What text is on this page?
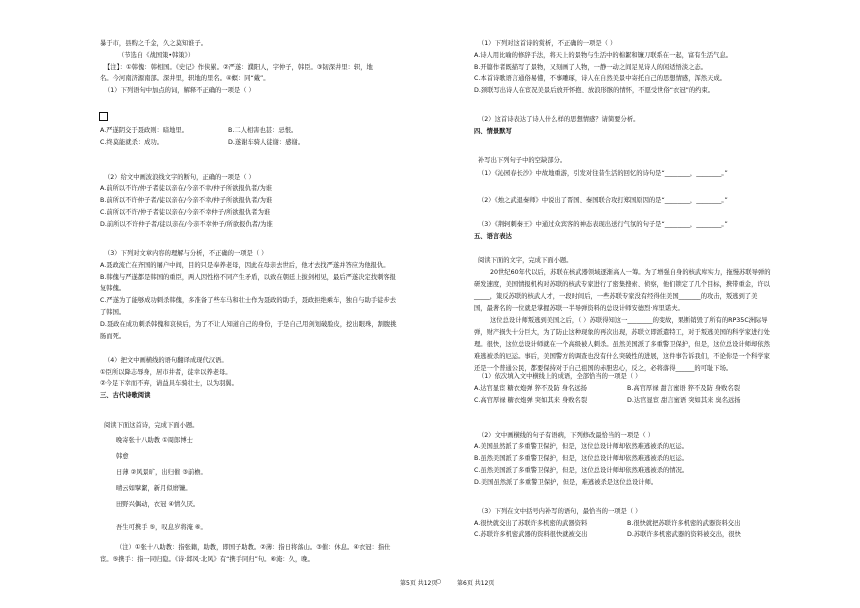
暴于市，县购之千金，久之莫知谁子。
（节选自《战国策•韩策》）
【注】：①韩傀：韩相国。《史记》作侠累。②严遂：濮阳人，字仲子，韩臣。③韧深井里：轵，地
名。今河南济源南部。深井里，轵地的里名。④螟：同“戴”。
（1）下列语句中加点的词，解释不正确的一项是（ ）
A.严遂阴交于聂政则：暗地里。	B.二人相害也甚：忌恨。
C.终莫能就杀：成功。	D.遂谢车骑人徒谢：感谢。
（2）给文中画波浪线文字的断句，正确的一项是（ ）
A.前所以不许/仲子者徒以亲在/今亲不幸/仲子所欲报仇者/为谁
B.前所以不许仲子者/徒以亲在/今亲不幸/仲子所欲报仇者/为谁
C.前所以不许/仲子者徒以亲在/今亲不幸仲子/所欲报仇者为谁
D.前所以不许仲子者/徒以亲在/今亲不幸仲子/所欲报仇者/为谁
（3）下列对文章内容的理解与分析，不正确的一项是（ ）
A.聂政流亡在齐国的屠户中间，目的只是奉养老母，因此在母亲去世后，他才去找严遂并答应为他报仇。
B.韩傀与严遂都是韩国的重臣，两人因性格不同产生矛盾，以致在朝廷上拔剑相见，最后严遂决定找刺客报
复韩傀。
C.严遂为了能够成功刺杀韩傀，多准备了些车马和壮士作为聂政的助手，聂政拒绝乘车，独自与助手徒步去
了韩国。
D.聂政在成功刺杀韩傀和哀侯后，为了不让人知道自己的身份，于是自己用剑划破脸皮，挖出眼珠，割腹挑
肠而死。
（4）把文中画横线的语句翻译成现代汉语。
①臣所以降志辱身，居市井者，徒幸以养老母。
②今足下幸而不弃，请益具车骑壮士，以为羽翼。
三、古代诗歌阅读
阅读下面这首诗，完成下面小题。
晚寄张十八助教 ①周郎博士
韩愈
日薄 ②风景旷，出归催 ③前檐。
晴云如擘絮，新月似磨镰。
田野兴偶动，衣冠 ④情久厌。
吾生可携手 ⑤，叹息岁将淹 ⑥。
（注）①张十八助教：指张籍，助教，即国子助教。②薄：指日将落山。③催：休息。④衣冠：指仕
宦。⑤携手：指一同归隐。《诗·邶风·北风》有“携手同归”句。⑥淹：久，晚。
（1）下列对这首诗的赏析，不正确的一项是（ ）
A.诗人用比喻的修辞手法，将天上的景物与生活中的棉絮和镰刀联系在一起，富有生活气息。
B.开篇作者既描写了景物，又刻画了人物，一静一动之间足见诗人的闲适悟淡之态。
C.本首诗歌语言通俗易懂，不事雕琢，诗人在自然美景中寄托自己的思想情感，浑然天成。
D.颈联写出诗人在宦况美景后放开怀抱、放浪形骸的情怀，不愿受世俗“衣冠”的约束。
（2）这首诗表达了诗人什么样的思想情感？请简要分析。
四、情景默写
补写出下列句子中的空缺部分。
（1）《沁园春长沙》中故地重游，引发对往昔生活的回忆的诗句是“________，________。”
（2）《烛之武退秦师》中说出了晋国、秦国联合攻打郑国原因的是“________，________。”
（3）《荆轲刺秦王》中通过众宾客的神态表现出送行气氛的句子是“________，________。”
五、语言表达
阅读下面的文字，完成下面小题。
20世纪60年代以后，苏联在核武器领域逐渐高人一筹。为了增强自身的核武库实力，拖慢苏联导弹的
研发速度，美国情报机构对苏联的核武专家进行了密集搜索、侦察，他们锁定了几个目标，携带重金，许以
_____，策反苏联的核武人才，一段时间后，一些苏联专家没有经得住美国_______的攻击，叛逃到了美
国，最著名的一位就是掌握苏联一半导弹资料的总设计师安德烈·库里诺夫。
这位总设计师叛逃到美国之后，（ ）苏联得知这一________的变故，果断销毁了所有的RP35C洲际导
弹，财产损失十分巨大，为了防止这种现象的再次出现，苏联立即派遣特工，对于叛逃美国的科学家进行处
理。很快，这位总设计师就在一个高级被人刺杀。虽然美国派了多重警卫保护，但是，这位总设计师却依然
难逃被杀的厄运。事后，美国警方的调查也没有什么突破性的进展，这件事告诉我们，不论你是一个科学家
还是一个普通公民，都要保持对于自己祖国的赤胆忠心，反之，必将落得______的可耻下场。
（1）依次填入文中横线上的成语，全部恰当的一项是（ ）
A.达官显宦 糖衣炮弹 猝不及防 身名远扬	B.高官厚禄 甜言蜜语 猝不及防 身败名裂
C.高官厚禄 糖衣炮弹 突如其来 身败名裂	D.达官显宦 甜言蜜语 突如其来 臭名远扬
（2）文中画横线的句子有语病，下列修改最恰当的一项是（ ）
A.美国虽然派了多重警卫保护，但是，这位总设计师却依然难逃被杀的厄运。
B.虽然美国派了多重警卫保护，但是，这位总设计师却依然难逃被杀的厄运。
C.虽然美国派了多重警卫保护，但是，这位总设计师却依然难逃被杀的情况。
D.美国虽然派了多重警卫保护，但是，难逃被杀是这位总设计师。
（3）下列在文中括号内补写的语句，最恰当的一项是（ ）
A.很快就交出了苏联许多机密的武器资料	B.很快就把苏联许多机密的武器资料交出
C.苏联许多机密武器的资料很快就被交出	D.苏联许多机密武器的资料被交出，很快
第5页 共12页
○	第6页 共12页
